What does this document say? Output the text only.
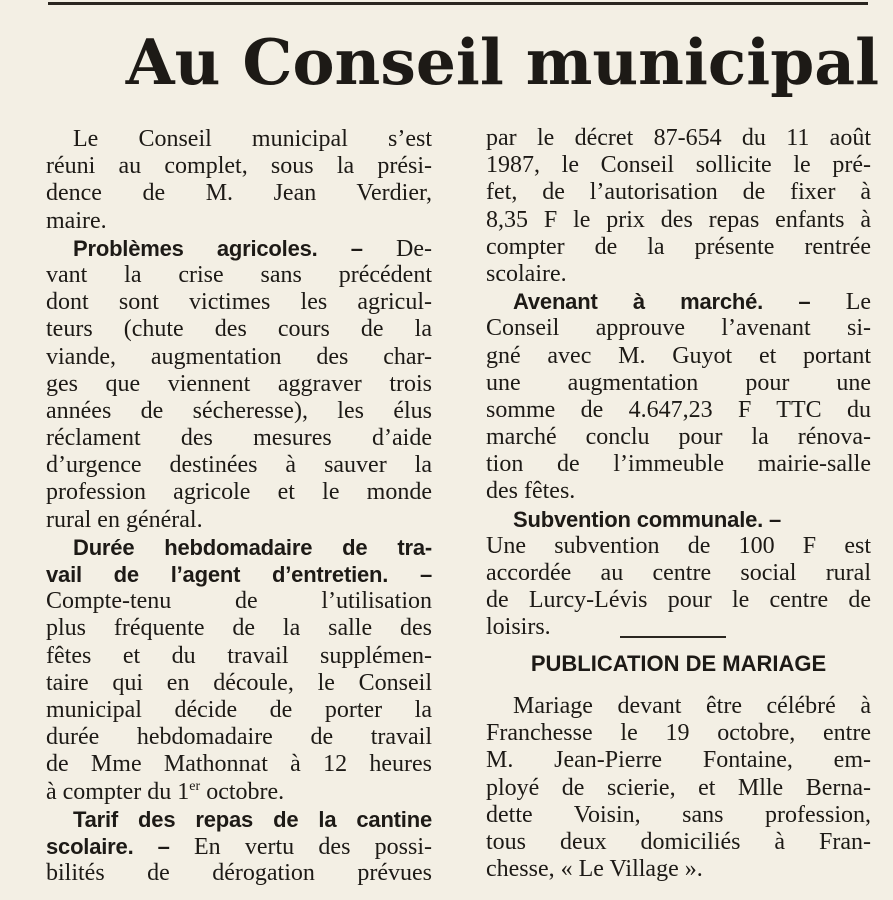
Au Conseil municipal
Le Conseil municipal s’est
réuni au complet, sous la prési-
dence de M. Jean Verdier,
maire.
Problèmes agricoles. – De-
vant la crise sans précédent
dont sont victimes les agricul-
teurs (chute des cours de la
viande, augmentation des char-
ges que viennent aggraver trois
années de sécheresse), les élus
réclament des mesures d’aide
d’urgence destinées à sauver la
profession agricole et le monde
rural en général.
Durée hebdomadaire de tra-
vail de l’agent d’entretien. –
Compte-tenu de l’utilisation
plus fréquente de la salle des
fêtes et du travail supplémen-
taire qui en découle, le Conseil
municipal décide de porter la
durée hebdomadaire de travail
de Mme Mathonnat à 12 heures
à compter du 1er octobre.
Tarif des repas de la cantine
scolaire. – En vertu des possi-
bilités de dérogation prévues
par le décret 87-654 du 11 août
1987, le Conseil sollicite le pré-
fet, de l’autorisation de fixer à
8,35 F le prix des repas enfants à
compter de la présente rentrée
scolaire.
Avenant à marché. – Le
Conseil approuve l’avenant si-
gné avec M. Guyot et portant
une augmentation pour une
somme de 4.647,23 F TTC du
marché conclu pour la rénova-
tion de l’immeuble mairie-salle
des fêtes.
Subvention communale. –
Une subvention de 100 F est
accordée au centre social rural
de Lurcy-Lévis pour le centre de
loisirs.
PUBLICATION DE MARIAGE
Mariage devant être célébré à
Franchesse le 19 octobre, entre
M. Jean-Pierre Fontaine, em-
ployé de scierie, et Mlle Berna-
dette Voisin, sans profession,
tous deux domiciliés à Fran-
chesse, « Le Village ».
